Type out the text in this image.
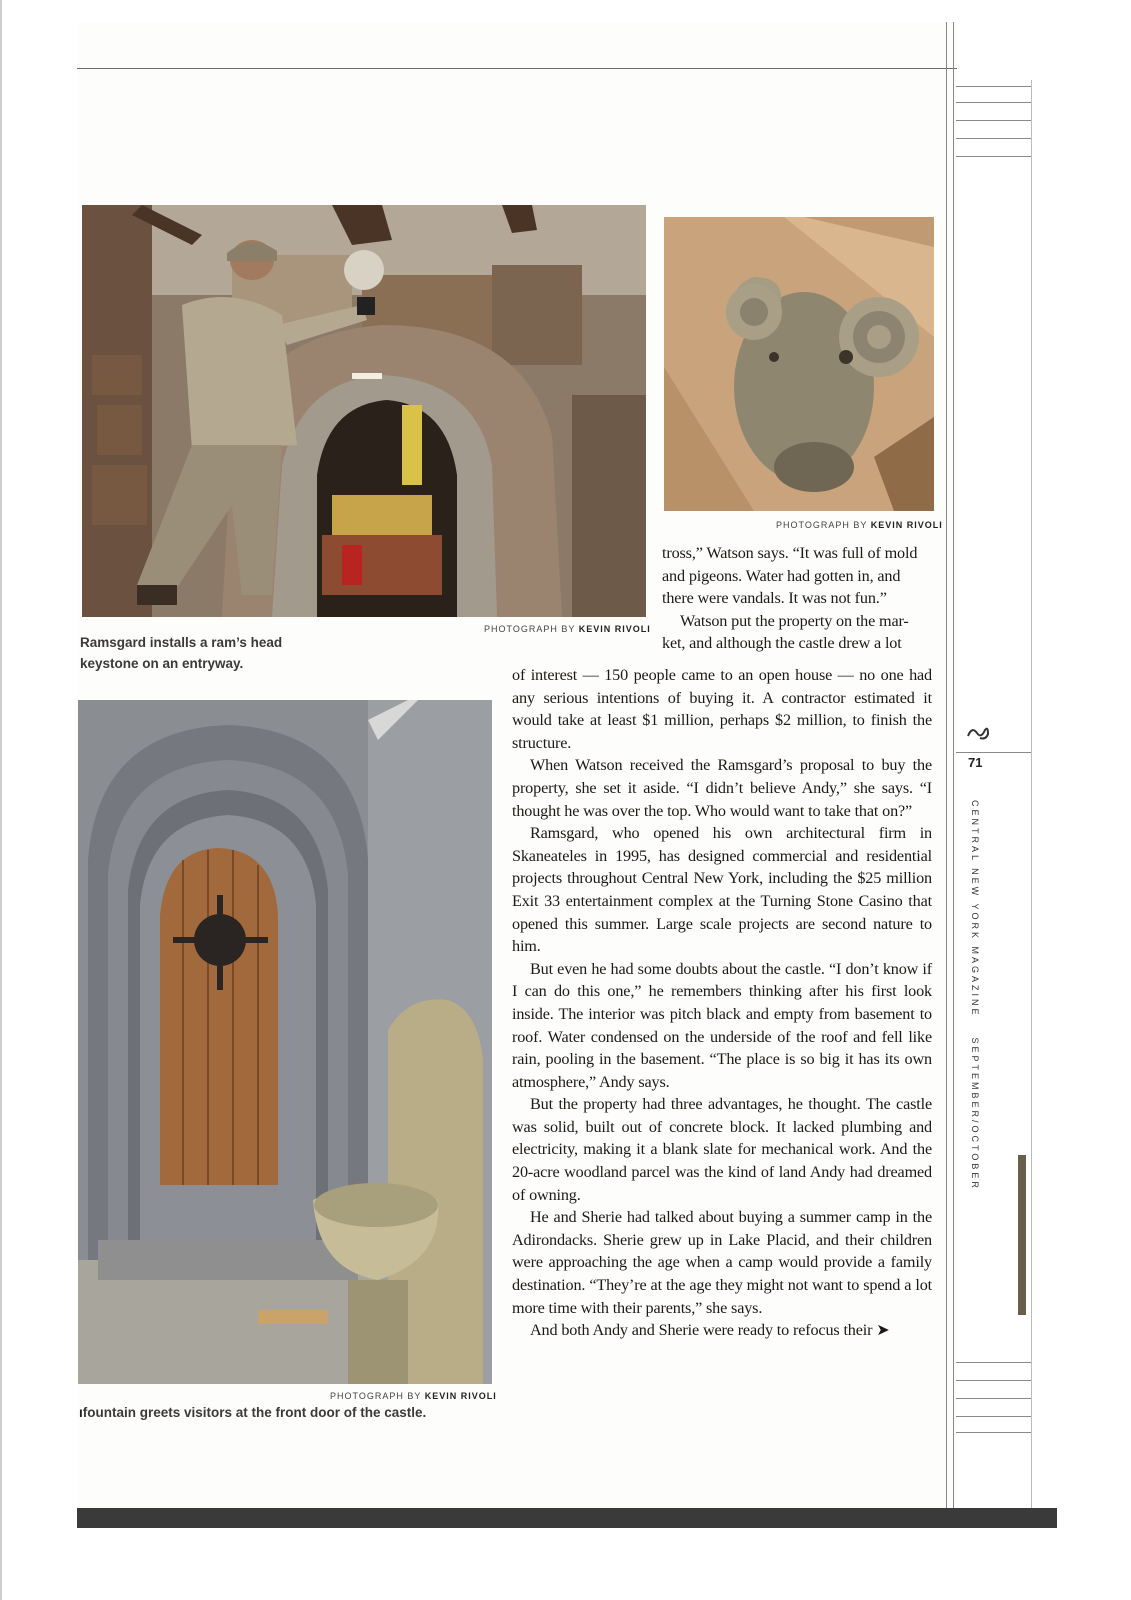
PHOTOGRAPH BY KEVIN RIVOLI
Ramsgard installs a ram’s head
keystone on an entryway.
PHOTOGRAPH BY KEVIN RIVOLI
PHOTOGRAPH BY KEVIN RIVOLI
ıfountain greets visitors at the front door of the castle.

tross,” Watson says. “It was full of mold

and pigeons. Water had gotten in, and

there were vandals. It was not fun.”

Watson put the property on the mar-

ket, and although the castle drew a lot

of interest — 150 people came to an open house — no one had any serious intentions of buying it. A contractor estimated it would take at least $1 million, perhaps $2 million, to finish the structure.

When Watson received the Ramsgard’s proposal to buy the property, she set it aside. “I didn’t believe Andy,” she says. “I thought he was over the top. Who would want to take that on?”

Ramsgard, who opened his own architectural firm in Skaneateles in 1995, has designed commercial and residential projects throughout Central New York, including the $25 million Exit 33 entertainment complex at the Turning Stone Casino that opened this summer. Large scale projects are second nature to him.

But even he had some doubts about the castle. “I don’t know if I can do this one,” he remembers thinking after his first look inside. The interior was pitch black and empty from basement to roof. Water condensed on the underside of the roof and fell like rain, pooling in the basement. “The place is so big it has its own atmosphere,” Andy says.

But the property had three advantages, he thought. The castle was solid, built out of concrete block. It lacked plumbing and electricity, making it a blank slate for mechanical work. And the 20-acre woodland parcel was the kind of land Andy had dreamed of owning.

He and Sherie had talked about buying a summer camp in the Adirondacks. Sherie grew up in Lake Placid, and their children were approaching the age when a camp would provide a family destination. “They’re at the age they might not want to spend a lot more time with their parents,” she says.

And both Andy and Sherie were ready to refocus their ➤

71
CENTRAL NEW YORK MAGAZINESEPTEMBER/OCTOBER
